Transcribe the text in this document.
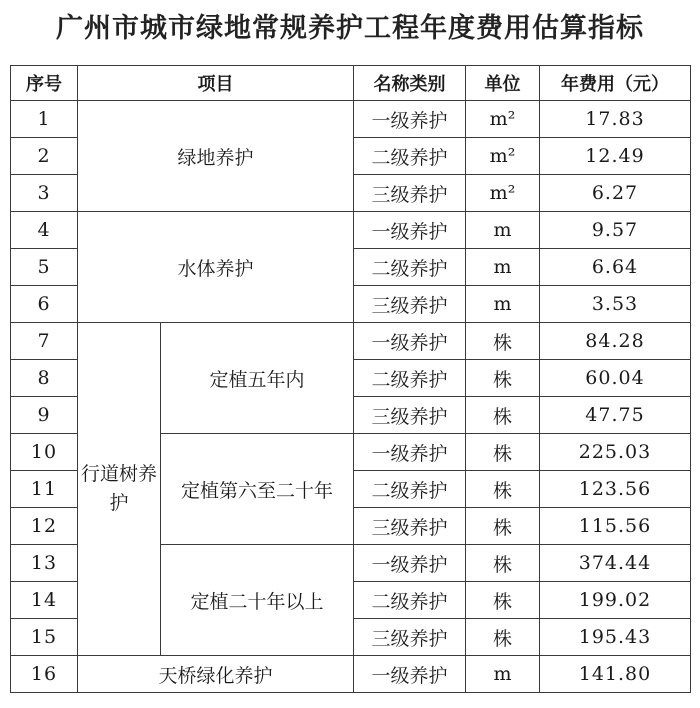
广州市城市绿地常规养护工程年度费用估算指标
序号	项目		名称类别	单位	年费用（元）
1	绿地养护		一级养护	m²	17.83
2			二级养护	m²	12.49
3			三级养护	m²	6.27
4	水体养护		一级养护	m	9.57
5			二级养护	m	6.64
6			三级养护	m	3.53
7	行道树养护	定植五年内	一级养护	株	84.28
8			二级养护	株	60.04
9			三级养护	株	47.75
10		定植第六至二十年	一级养护	株	225.03
11			二级养护	株	123.56
12			三级养护	株	115.56
13		定植二十年以上	一级养护	株	374.44
14			二级养护	株	199.02
15			三级养护	株	195.43
16	天桥绿化养护		一级养护	m	141.80
